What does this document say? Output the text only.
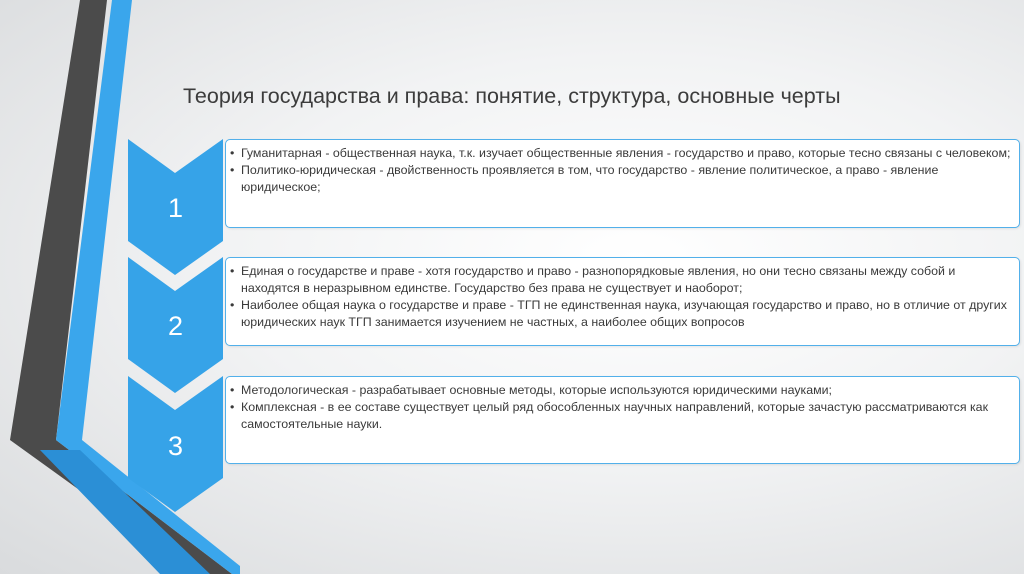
Теория государства и права: понятие, структура, основные черты
1
• Гуманитарная - общественная наука, т.к. изучает общественные явления - государство и право, которые тесно связаны с человеком;
• Политико-юридическая - двойственность проявляется в том, что государство - явление политическое, а право - явление юридическое;
2
• Единая о государстве и праве - хотя государство и право - разнопорядковые явления, но они тесно связаны между собой и находятся в неразрывном единстве. Государство без права не существует и наоборот;
• Наиболее общая наука о государстве и праве - ТГП не единственная наука, изучающая государство и право, но в отличие от других юридических наук ТГП занимается изучением не частных, а наиболее общих вопросов
3
• Методологическая - разрабатывает основные методы, которые используются юридическими науками;
• Комплексная - в ее составе существует целый ряд обособленных научных направлений, которые зачастую рассматриваются как самостоятельные науки.
